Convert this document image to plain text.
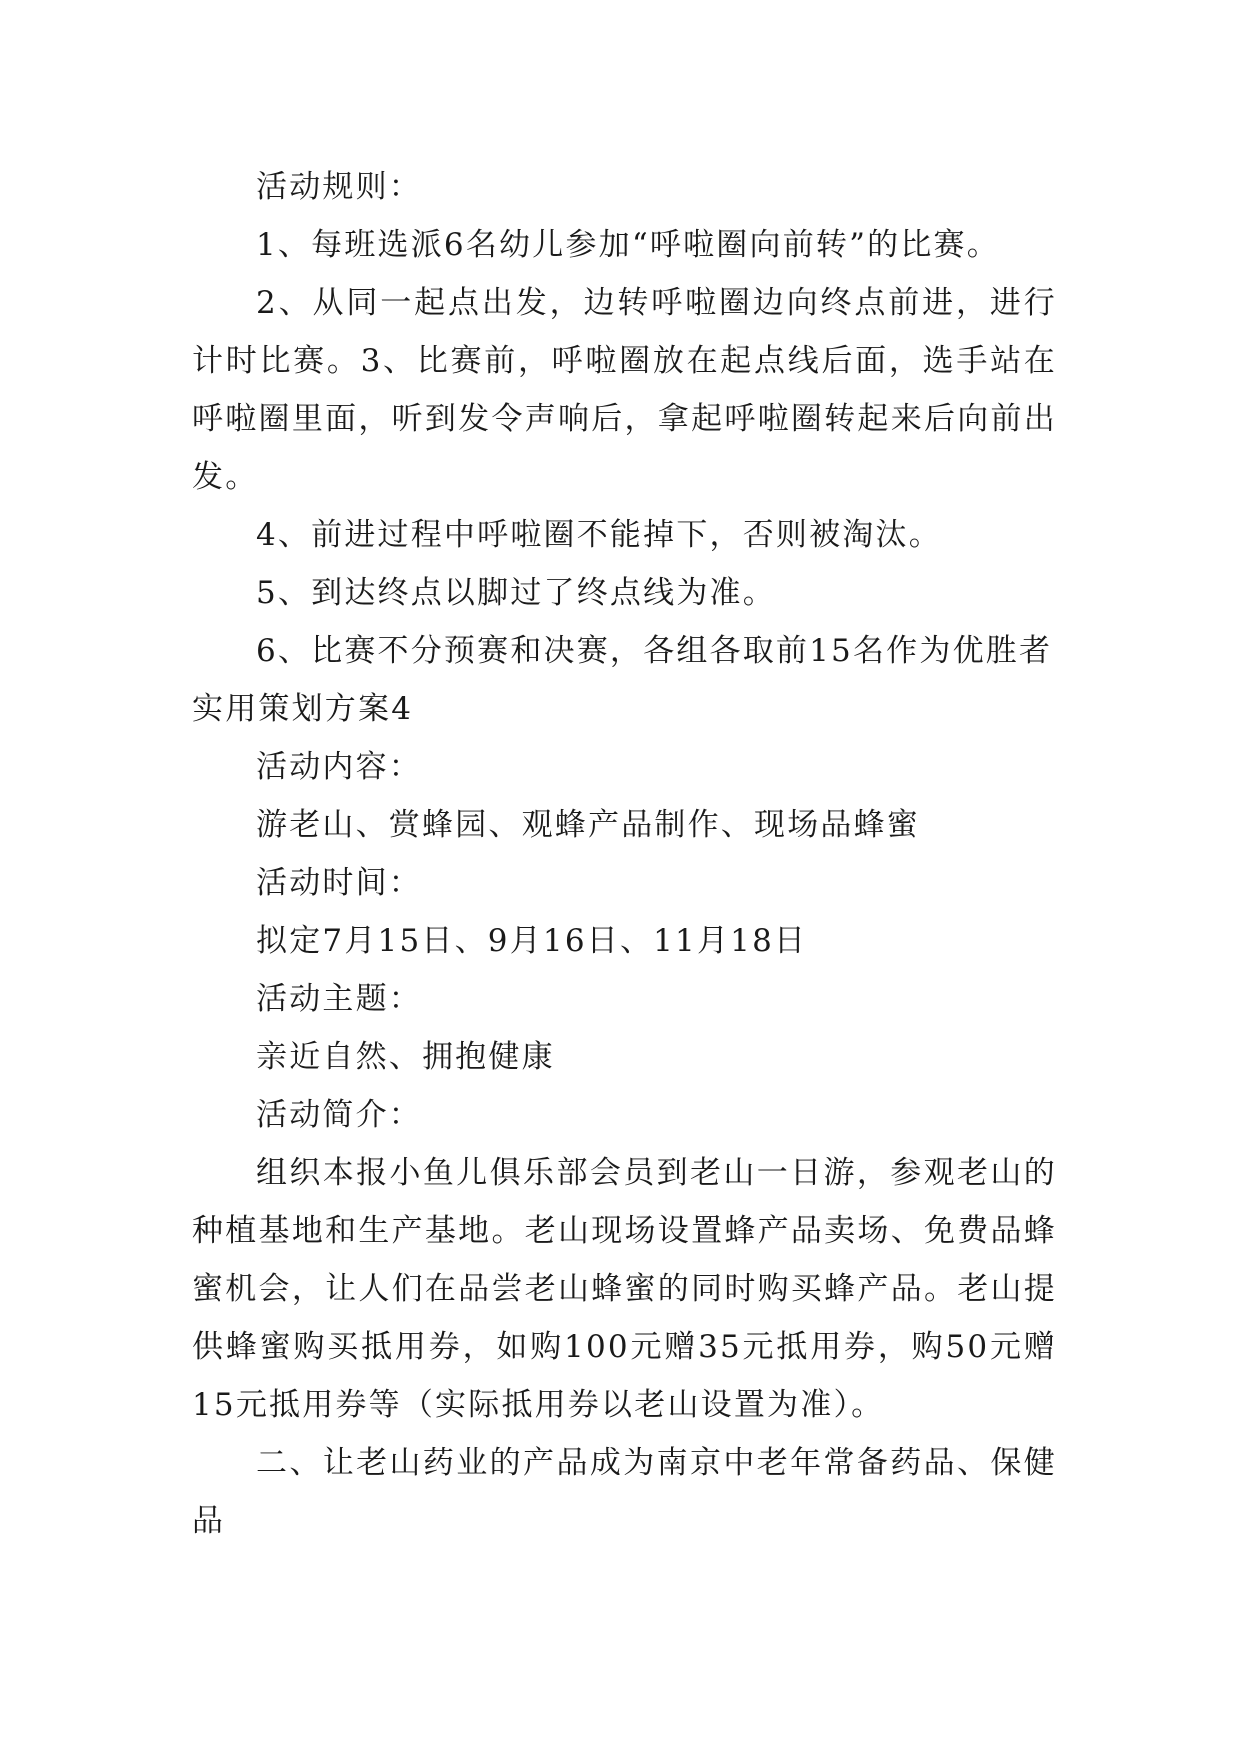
活动规则：

1、每班选派6名幼儿参加“呼啦圈向前转”的比赛。

2、从同一起点出发，边转呼啦圈边向终点前进，进行计时比赛。3、比赛前，呼啦圈放在起点线后面，选手站在呼啦圈里面，听到发令声响后，拿起呼啦圈转起来后向前出发。

4、前进过程中呼啦圈不能掉下，否则被淘汰。

5、到达终点以脚过了终点线为准。

6、比赛不分预赛和决赛，各组各取前15名作为优胜者

实用策划方案4

活动内容：

游老山、赏蜂园、观蜂产品制作、现场品蜂蜜

活动时间：

拟定7月15日、9月16日、11月18日

活动主题：

亲近自然、拥抱健康

活动简介：

组织本报小鱼儿俱乐部会员到老山一日游，参观老山的种植基地和生产基地。老山现场设置蜂产品卖场、免费品蜂蜜机会，让人们在品尝老山蜂蜜的同时购买蜂产品。老山提供蜂蜜购买抵用券，如购100元赠35元抵用券，购50元赠15元抵用券等（实际抵用券以老山设置为准）。

二、让老山药业的产品成为南京中老年常备药品、保健品
